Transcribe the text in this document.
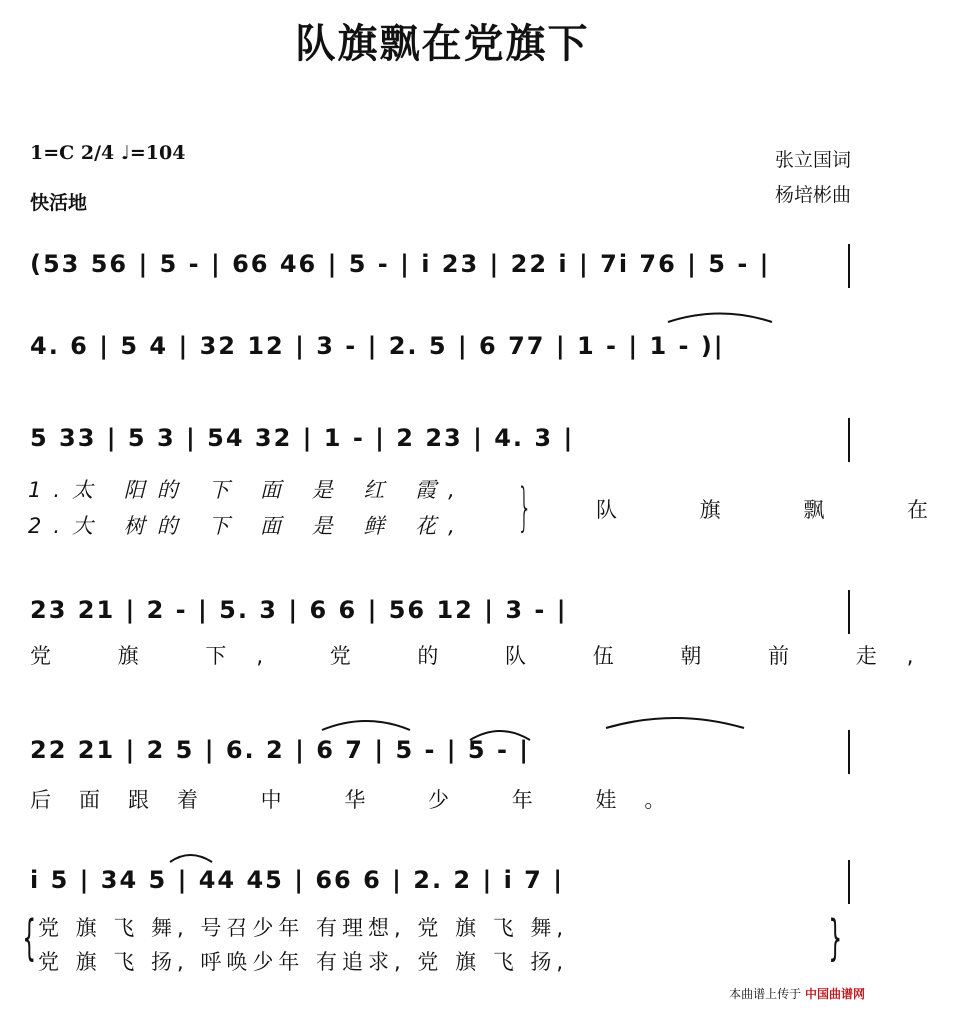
队旗飘在党旗下
1=C 2/4 ♩=104
快活地
张立国词
杨培彬曲
(53 56 | 5 - | 66 46 | 5 - | i 23 | 22 i | 7i 76 | 5 - |
4. 6 | 5 4 | 32 12 | 3 - | 2. 5 | 6 77 | 1 - | 1 - )|
5 33 | 5 3 | 54 32 | 1 - | 2 23 | 4. 3 |
1.太 阳的 下 面 是 红 霞,
2.大 树的 下 面 是 鲜 花, }	队 旗 飘 在
23 21 | 2 - | 5. 3 | 6 6 | 56 12 | 3 - |
党 旗 下, 党 的 队 伍 朝 前 走,
22 21 | 2 5 | 6. 2 | 6 7 | 5 - | 5 - |
后面跟着 中 华 少 年 娃。
i 5 | 34 5 | 44 45 | 66 6 | 2. 2 | i 7 |
党 旗 飞 舞, 号召少年 有理想, 党 旗 飞 舞,
党 旗 飞 扬, 呼唤少年 有追求, 党 旗 飞 扬,
{	}
本曲谱上传于 中国曲谱网
